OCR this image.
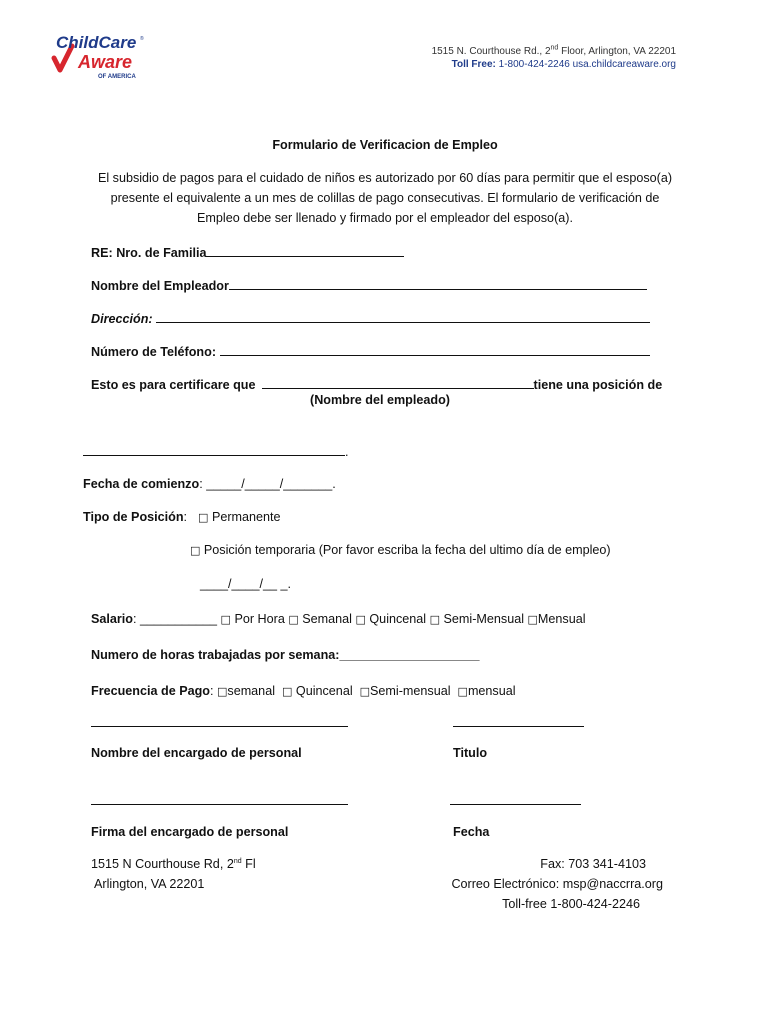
ChildCare ®
Aware
OF AMERICA
1515 N. Courthouse Rd., 2nd Floor, Arlington, VA 22201
Toll Free: 1-800-424-2246 usa.childcareaware.org
Formulario de Verificacion de Empleo
El subsidio de pagos para el cuidado de niños es autorizado por 60 días para permitir que el esposo(a)
presente el equivalente a un mes de colillas de pago consecutivas. El formulario de verificación de
Empleo debe ser llenado y firmado por el empleador del esposo(a).
RE: Nro. de Familia
Nombre del Empleador
Dirección:
Número de Teléfono:
Esto es para certificare que	tiene una posición de
(Nombre del empleado)
.
Fecha de comienzo: _____/_____/_______.
Tipo de Posición: □ Permanente
□ Posición temporaria (Por favor escriba la fecha del ultimo día de empleo)
____/____/__ _.
Salario: ___________ □ Por Hora □ Semanal □ Quincenal □ Semi-Mensual □Mensual
Numero de horas trabajadas por semana:____________________
Frecuencia de Pago: □semanal □ Quincenal □Semi-mensual □mensual
Nombre del encargado de personal	Titulo
Firma del encargado de personal	Fecha
1515 N Courthouse Rd, 2nd Fl
Arlington, VA 22201
Fax: 703 341-4103
Correo Electrónico: msp@naccrra.org
Toll-free 1-800-424-2246
